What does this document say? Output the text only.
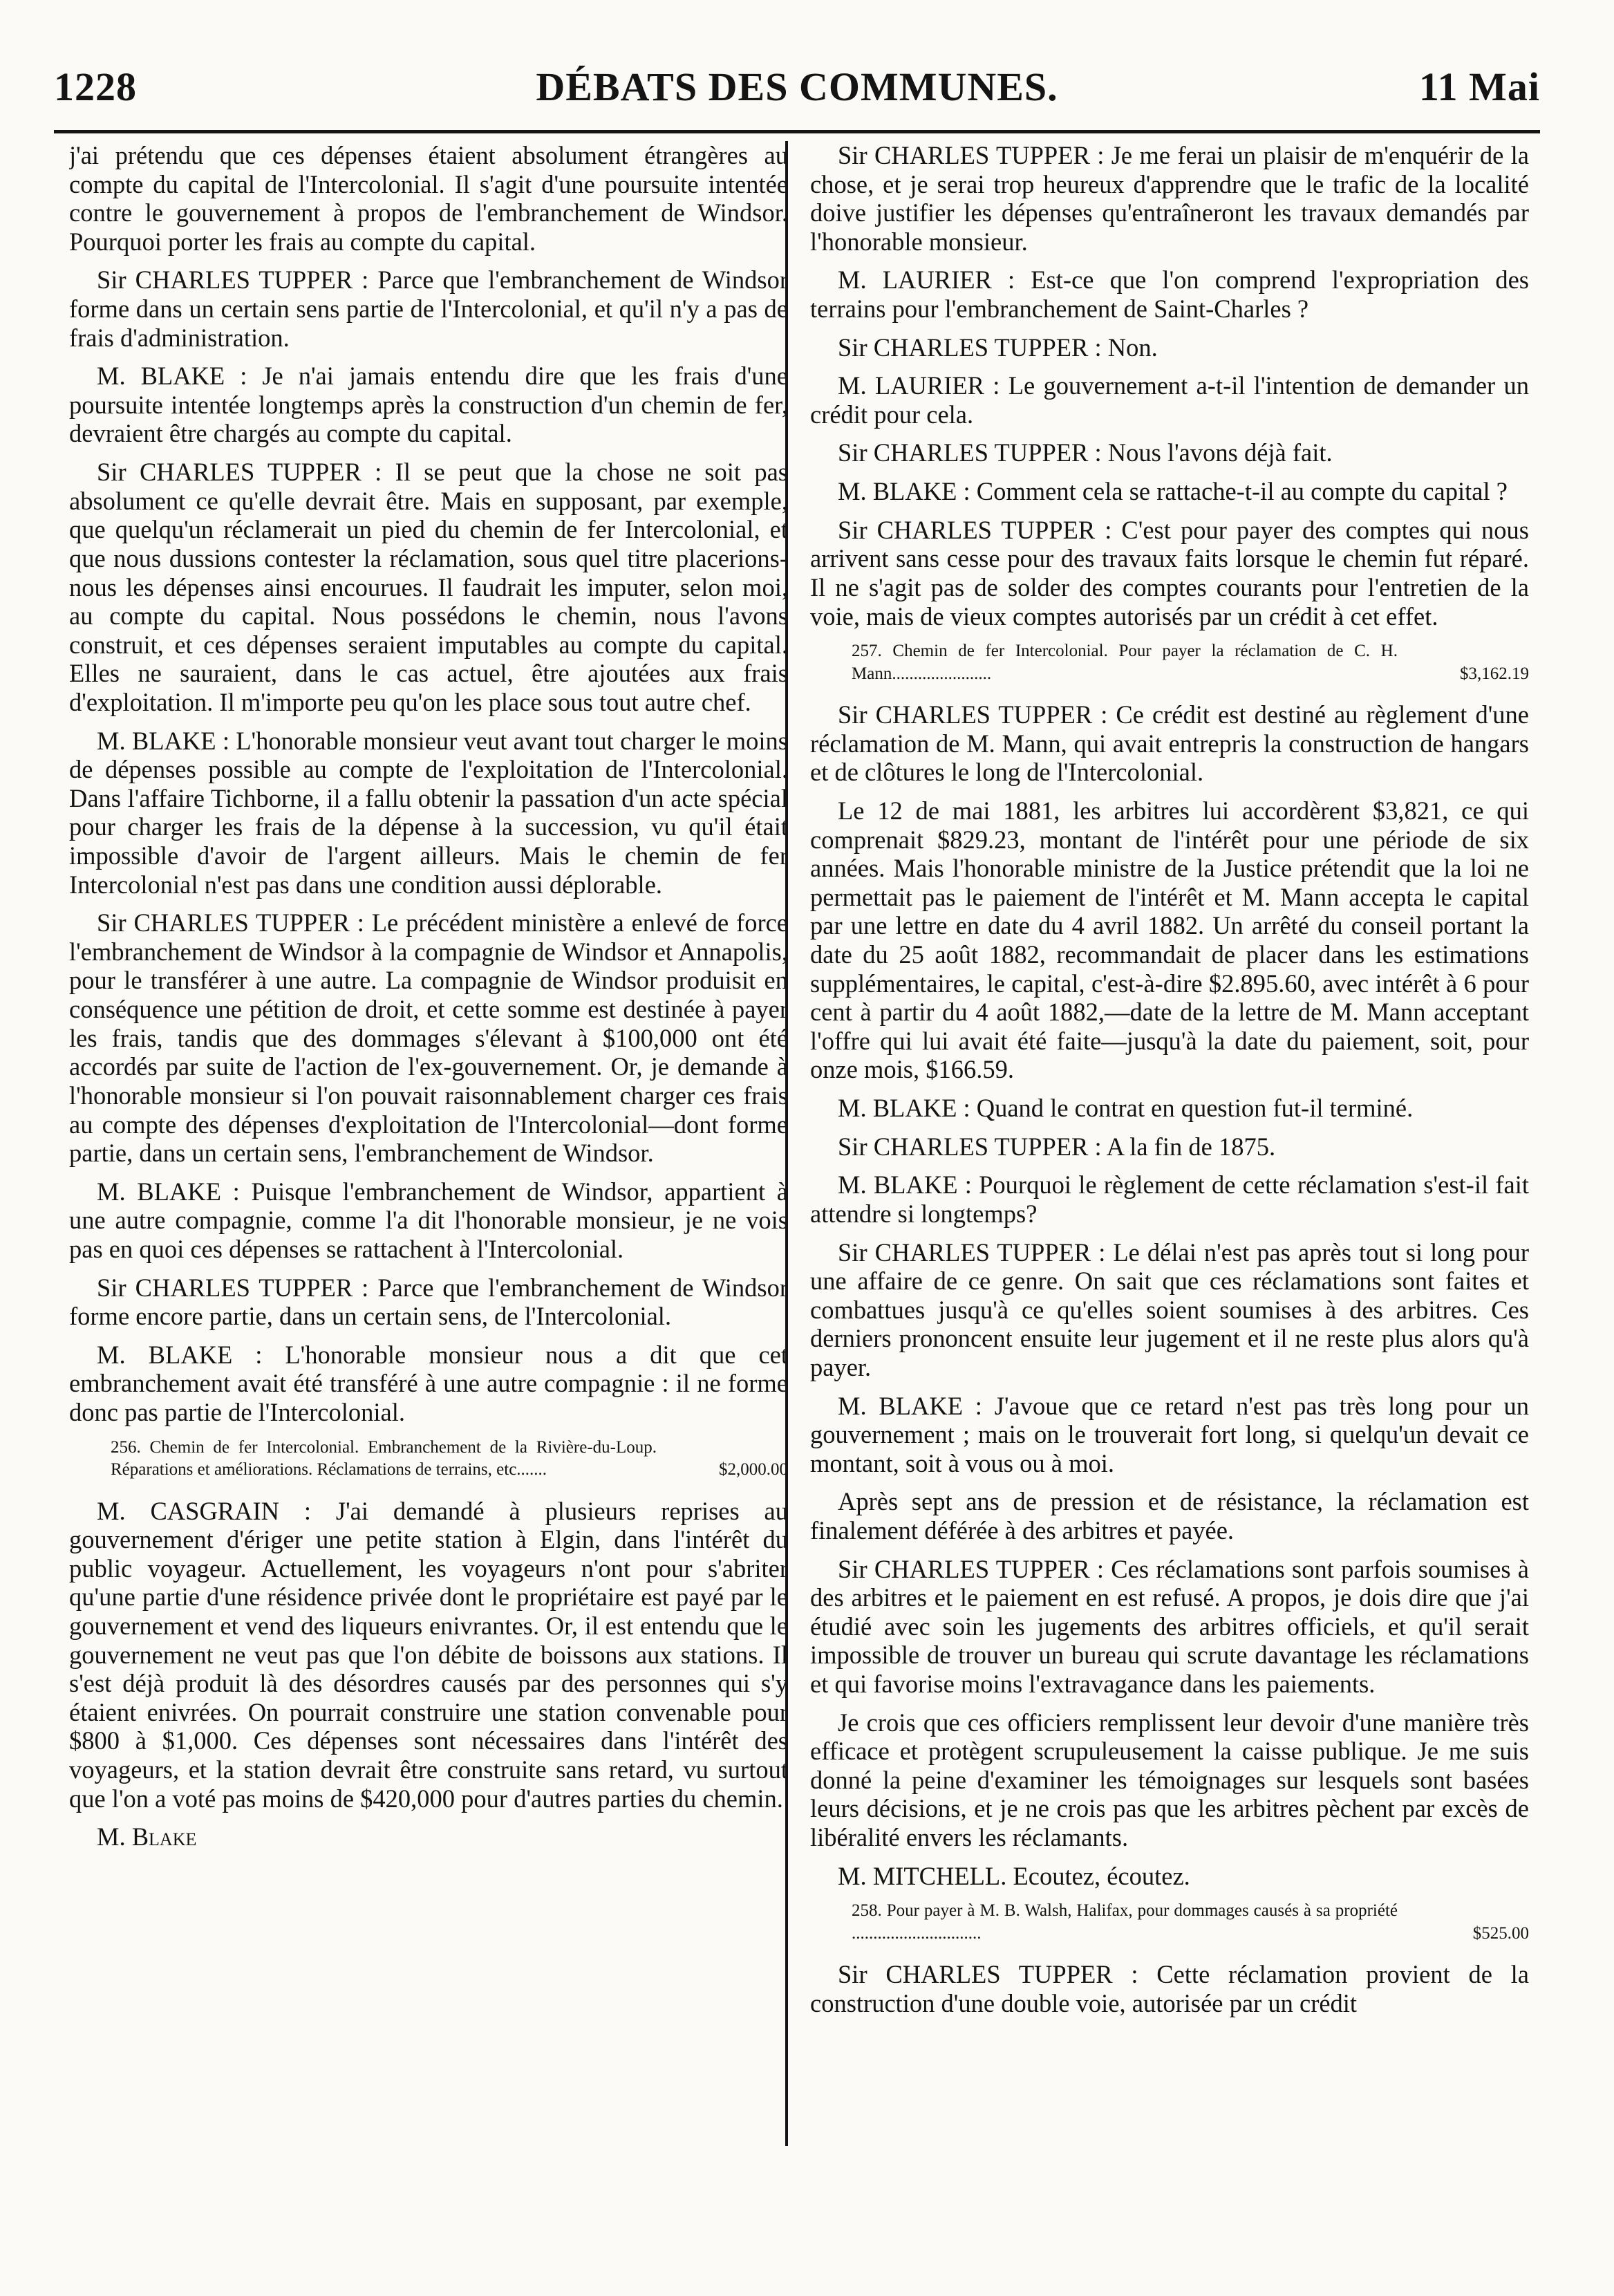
1228	DÉBATS DES COMMUNES.	11 Mai

j'ai prétendu que ces dépenses étaient absolument étrangères au compte du capital de l'Intercolonial. Il s'agit d'une poursuite intentée contre le gouvernement à propos de l'embranchement de Windsor. Pourquoi porter les frais au compte du capital.

Sir CHARLES TUPPER : Parce que l'embranchement de Windsor forme dans un certain sens partie de l'Intercolonial, et qu'il n'y a pas de frais d'administration.

M. BLAKE : Je n'ai jamais entendu dire que les frais d'une poursuite intentée longtemps après la construction d'un chemin de fer, devraient être chargés au compte du capital.

Sir CHARLES TUPPER : Il se peut que la chose ne soit pas absolument ce qu'elle devrait être. Mais en supposant, par exemple, que quelqu'un réclamerait un pied du chemin de fer Intercolonial, et que nous dussions contester la réclamation, sous quel titre placerions-nous les dépenses ainsi encourues. Il faudrait les imputer, selon moi, au compte du capital. Nous possédons le chemin, nous l'avons construit, et ces dépenses seraient imputables au compte du capital. Elles ne sauraient, dans le cas actuel, être ajoutées aux frais d'exploitation. Il m'importe peu qu'on les place sous tout autre chef.

M. BLAKE : L'honorable monsieur veut avant tout charger le moins de dépenses possible au compte de l'exploitation de l'Intercolonial. Dans l'affaire Tichborne, il a fallu obtenir la passation d'un acte spécial pour charger les frais de la dépense à la succession, vu qu'il était impossible d'avoir de l'argent ailleurs. Mais le chemin de fer Intercolonial n'est pas dans une condition aussi déplorable.

Sir CHARLES TUPPER : Le précédent ministère a enlevé de force l'embranchement de Windsor à la compagnie de Windsor et Annapolis, pour le transférer à une autre. La compagnie de Windsor produisit en conséquence une pétition de droit, et cette somme est destinée à payer les frais, tandis que des dommages s'élevant à $100,000 ont été accordés par suite de l'action de l'ex-gouvernement. Or, je demande à l'honorable monsieur si l'on pouvait raisonnablement charger ces frais au compte des dépenses d'exploitation de l'Intercolonial—dont forme partie, dans un certain sens, l'embranchement de Windsor.

M. BLAKE : Puisque l'embranchement de Windsor, appartient à une autre compagnie, comme l'a dit l'honorable monsieur, je ne vois pas en quoi ces dépenses se rattachent à l'Intercolonial.

Sir CHARLES TUPPER : Parce que l'embranchement de Windsor forme encore partie, dans un certain sens, de l'Intercolonial.

M. BLAKE : L'honorable monsieur nous a dit que cet embranchement avait été transféré à une autre compagnie : il ne forme donc pas partie de l'Intercolonial.

256. Chemin de fer Intercolonial. Embranchement de la Rivière-du-Loup. Réparations et améliorations. Réclamations de terrains, etc.......	$2,000.00

M. CASGRAIN : J'ai demandé à plusieurs reprises au gouvernement d'ériger une petite station à Elgin, dans l'intérêt du public voyageur. Actuellement, les voyageurs n'ont pour s'abriter qu'une partie d'une résidence privée dont le propriétaire est payé par le gouvernement et vend des liqueurs enivrantes. Or, il est entendu que le gouvernement ne veut pas que l'on débite de boissons aux stations. Il s'est déjà produit là des désordres causés par des personnes qui s'y étaient enivrées. On pourrait construire une station convenable pour $800 à $1,000. Ces dépenses sont nécessaires dans l'intérêt des voyageurs, et la station devrait être construite sans retard, vu surtout que l'on a voté pas moins de $420,000 pour d'autres parties du chemin.

M. Blake

Sir CHARLES TUPPER : Je me ferai un plaisir de m'enquérir de la chose, et je serai trop heureux d'apprendre que le trafic de la localité doive justifier les dépenses qu'entraîneront les travaux demandés par l'honorable monsieur.

M. LAURIER : Est-ce que l'on comprend l'expropriation des terrains pour l'embranchement de Saint-Charles ?

Sir CHARLES TUPPER : Non.

M. LAURIER : Le gouvernement a-t-il l'intention de demander un crédit pour cela.

Sir CHARLES TUPPER : Nous l'avons déjà fait.

M. BLAKE : Comment cela se rattache-t-il au compte du capital ?

Sir CHARLES TUPPER : C'est pour payer des comptes qui nous arrivent sans cesse pour des travaux faits lorsque le chemin fut réparé. Il ne s'agit pas de solder des comptes courants pour l'entretien de la voie, mais de vieux comptes autorisés par un crédit à cet effet.

257. Chemin de fer Intercolonial. Pour payer la réclamation de C. H. Mann.......................	$3,162.19

Sir CHARLES TUPPER : Ce crédit est destiné au règlement d'une réclamation de M. Mann, qui avait entrepris la construction de hangars et de clôtures le long de l'Intercolonial.

Le 12 de mai 1881, les arbitres lui accordèrent $3,821, ce qui comprenait $829.23, montant de l'intérêt pour une période de six années. Mais l'honorable ministre de la Justice prétendit que la loi ne permettait pas le paiement de l'intérêt et M. Mann accepta le capital par une lettre en date du 4 avril 1882. Un arrêté du conseil portant la date du 25 août 1882, recommandait de placer dans les estimations supplémentaires, le capital, c'est-à-dire $2.895.60, avec intérêt à 6 pour cent à partir du 4 août 1882,—date de la lettre de M. Mann acceptant l'offre qui lui avait été faite—jusqu'à la date du paiement, soit, pour onze mois, $166.59.

M. BLAKE : Quand le contrat en question fut-il terminé.

Sir CHARLES TUPPER : A la fin de 1875.

M. BLAKE : Pourquoi le règlement de cette réclamation s'est-il fait attendre si longtemps?

Sir CHARLES TUPPER : Le délai n'est pas après tout si long pour une affaire de ce genre. On sait que ces réclamations sont faites et combattues jusqu'à ce qu'elles soient soumises à des arbitres. Ces derniers prononcent ensuite leur jugement et il ne reste plus alors qu'à payer.

M. BLAKE : J'avoue que ce retard n'est pas très long pour un gouvernement ; mais on le trouverait fort long, si quelqu'un devait ce montant, soit à vous ou à moi.

Après sept ans de pression et de résistance, la réclamation est finalement déférée à des arbitres et payée.

Sir CHARLES TUPPER : Ces réclamations sont parfois soumises à des arbitres et le paiement en est refusé. A propos, je dois dire que j'ai étudié avec soin les jugements des arbitres officiels, et qu'il serait impossible de trouver un bureau qui scrute davantage les réclamations et qui favorise moins l'extravagance dans les paiements.

Je crois que ces officiers remplissent leur devoir d'une manière très efficace et protègent scrupuleusement la caisse publique. Je me suis donné la peine d'examiner les témoignages sur lesquels sont basées leurs décisions, et je ne crois pas que les arbitres pèchent par excès de libéralité envers les réclamants.

M. MITCHELL. Ecoutez, écoutez.

258. Pour payer à M. B. Walsh, Halifax, pour dommages causés à sa propriété ..............................	$525.00

Sir CHARLES TUPPER : Cette réclamation provient de la construction d'une double voie, autorisée par un crédit
